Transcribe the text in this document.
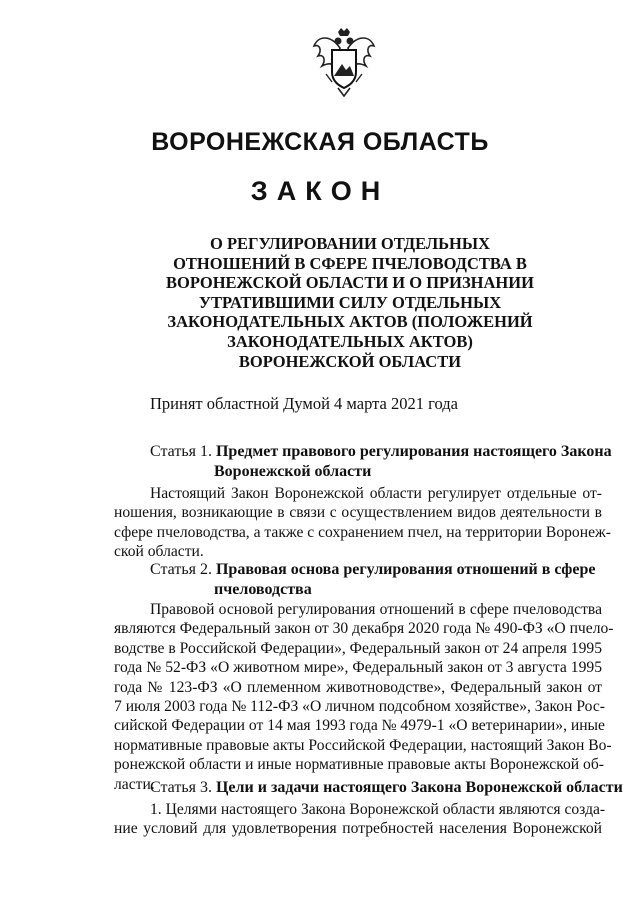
ВОРОНЕЖСКАЯ ОБЛАСТЬ
ЗАКОН
О РЕГУЛИРОВАНИИ ОТДЕЛЬНЫХ
ОТНОШЕНИЙ В СФЕРЕ ПЧЕЛОВОДСТВА В
ВОРОНЕЖСКОЙ ОБЛАСТИ И О ПРИЗНАНИИ
УТРАТИВШИМИ СИЛУ ОТДЕЛЬНЫХ
ЗАКОНОДАТЕЛЬНЫХ АКТОВ (ПОЛОЖЕНИЙ
ЗАКОНОДАТЕЛЬНЫХ АКТОВ)
ВОРОНЕЖСКОЙ ОБЛАСТИ
Принят областной Думой 4 марта 2021 года
Статья 1. Предмет правового регулирования настоящего Закона
Воронежской области
Настоящий Закон Воронежской области регулирует отдельные от-
ношения, возникающие в связи с осуществлением видов деятельности в
сфере пчеловодства, а также с сохранением пчел, на территории Воронеж-
ской области.
Статья 2. Правовая основа регулирования отношений в сфере
пчеловодства
Правовой основой регулирования отношений в сфере пчеловодства
являются Федеральный закон от 30 декабря 2020 года № 490-ФЗ «О пчело-
водстве в Российской Федерации», Федеральный закон от 24 апреля 1995
года № 52-ФЗ «О животном мире», Федеральный закон от 3 августа 1995
года № 123-ФЗ «О племенном животноводстве», Федеральный закон от
7 июля 2003 года № 112-ФЗ «О личном подсобном хозяйстве», Закон Рос-
сийской Федерации от 14 мая 1993 года № 4979-1 «О ветеринарии», иные
нормативные правовые акты Российской Федерации, настоящий Закон Во-
ронежской области и иные нормативные правовые акты Воронежской об-
ласти.
Статья 3. Цели и задачи настоящего Закона Воронежской области
1. Целями настоящего Закона Воронежской области являются созда-
ние условий для удовлетворения потребностей населения Воронежской
